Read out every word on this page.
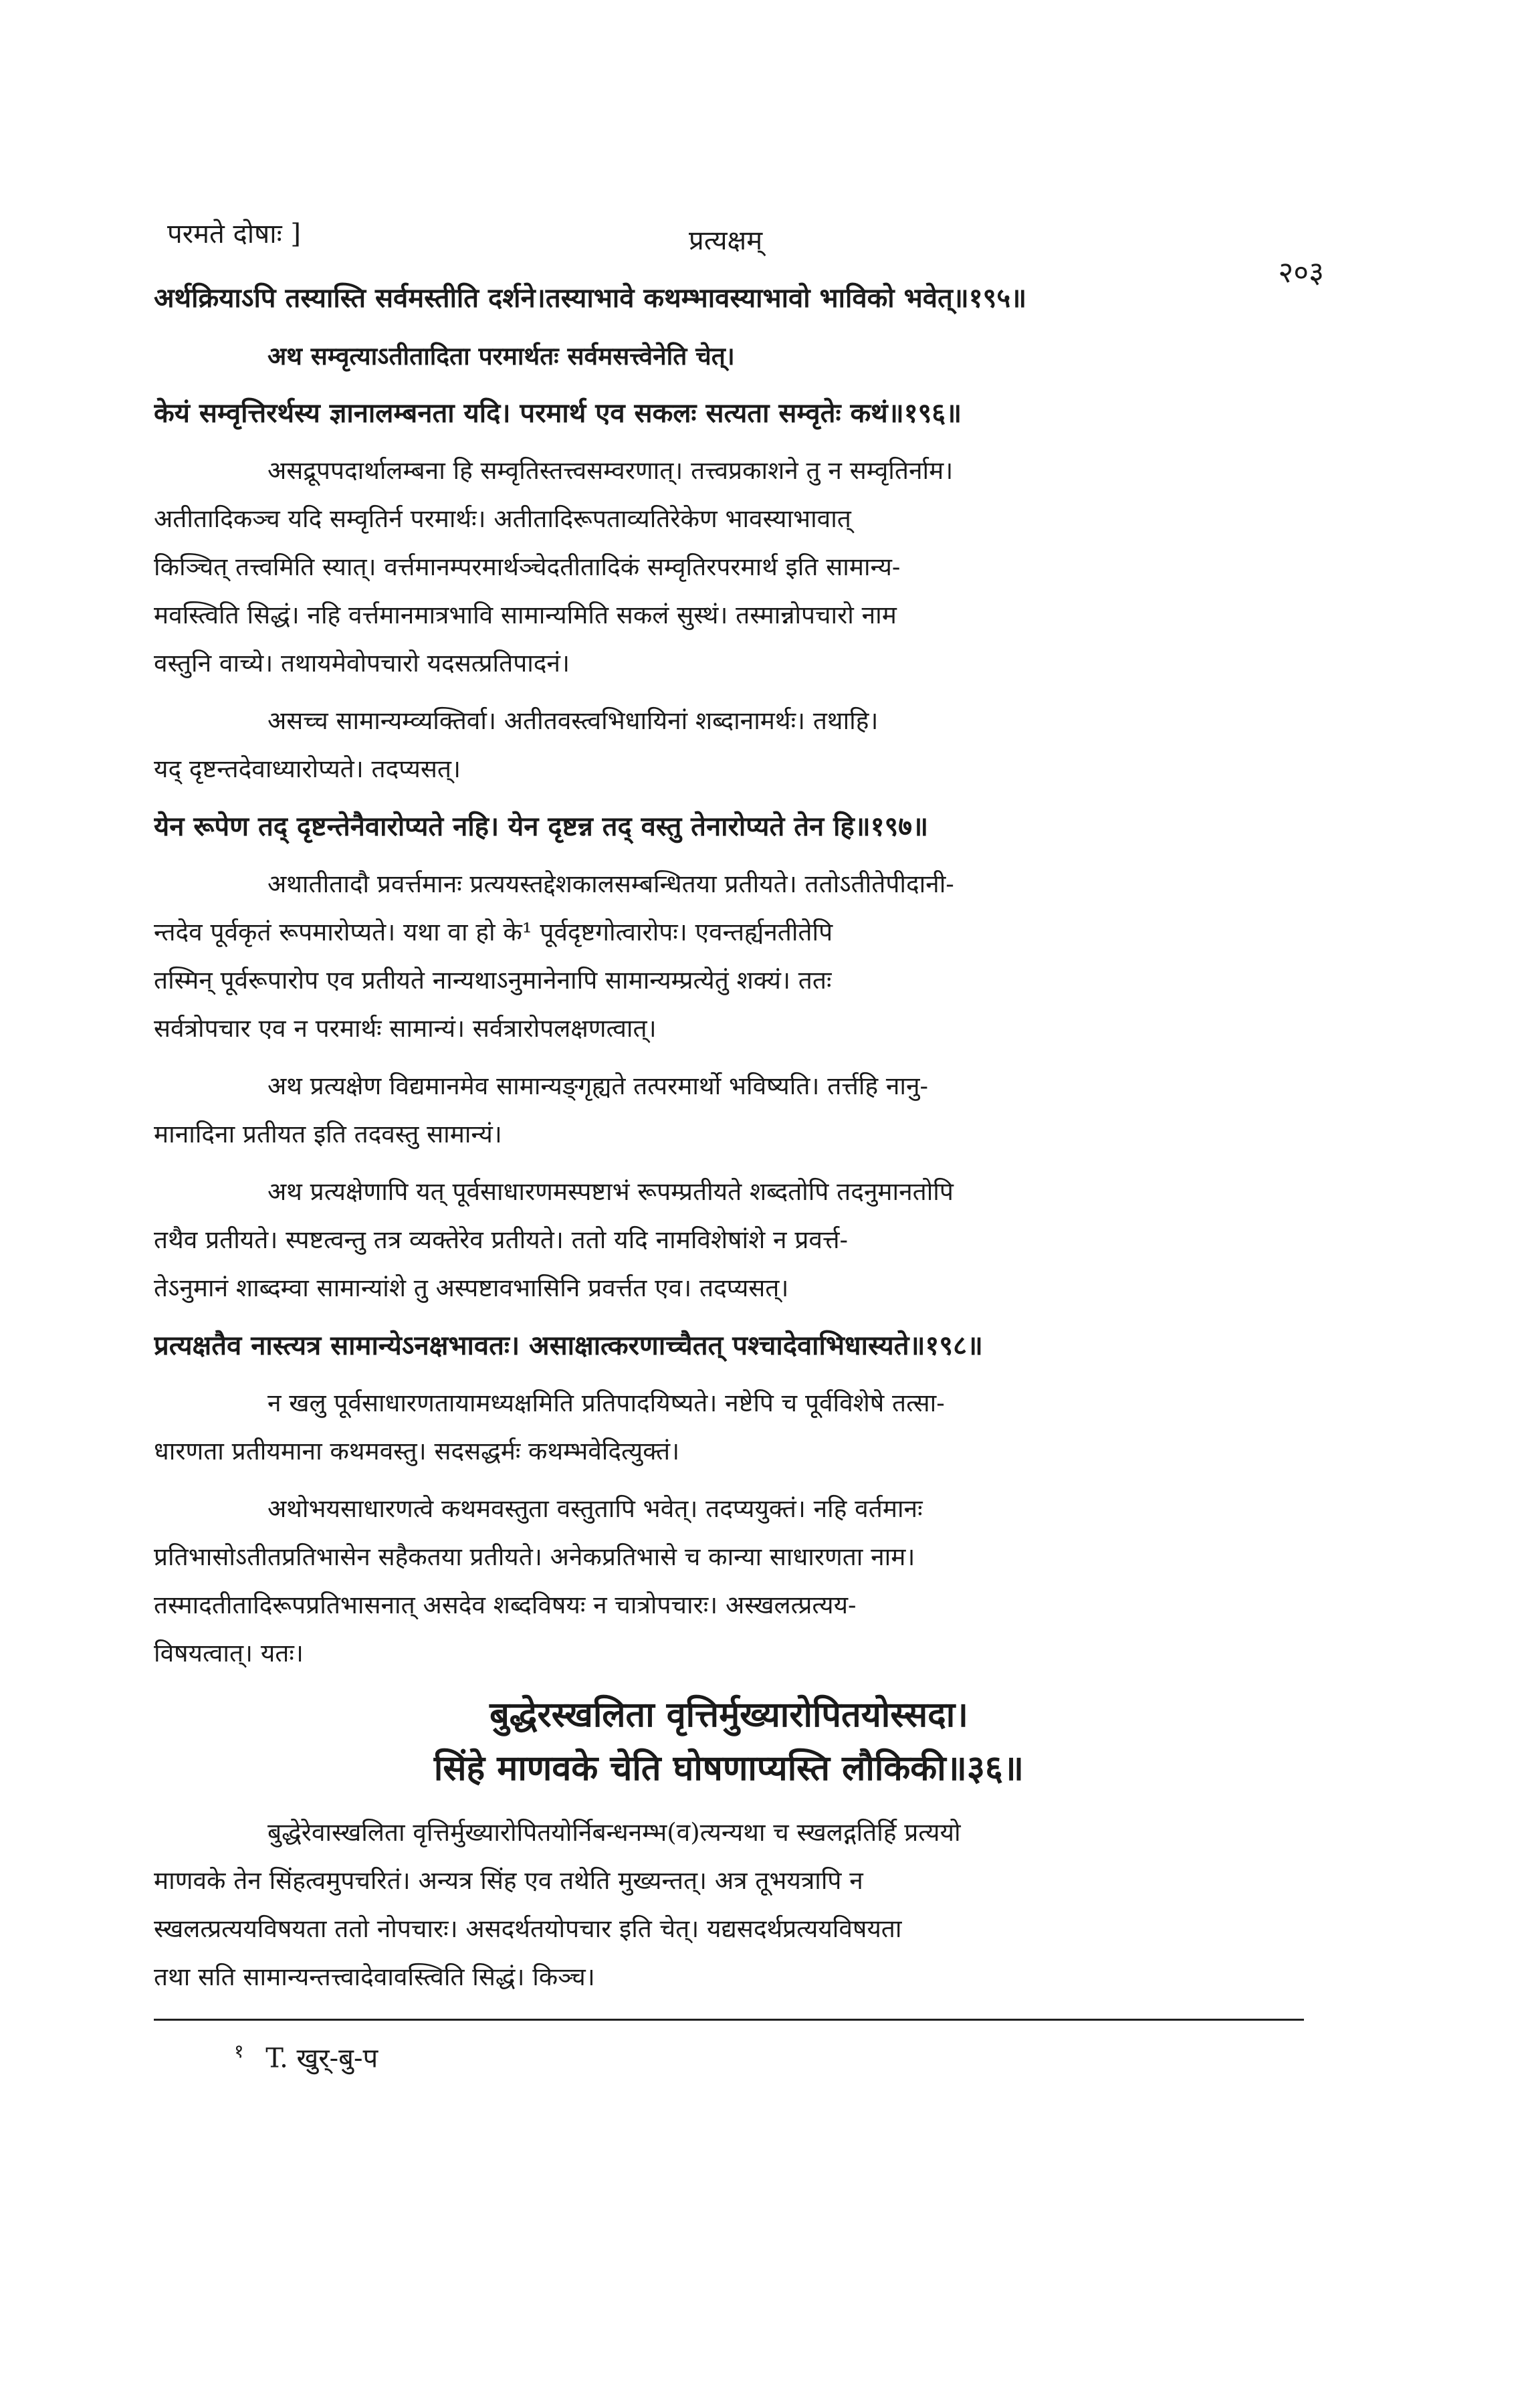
परमते दोषाः ]	प्रत्यक्षम्
२०३
अर्थक्रियाऽपि तस्यास्ति सर्वमस्तीति दर्शने।तस्याभावे कथम्भावस्याभावो भाविको भवेत्॥१९५॥
अथ सम्वृत्याऽतीतादिता परमार्थतः सर्वमसत्त्वेनेति चेत्।
केयं सम्वृत्तिरर्थस्य ज्ञानालम्बनता यदि। परमार्थ एव सकलः सत्यता सम्वृतेः कथं॥१९६॥
असद्रूपपदार्थालम्बना हि सम्वृतिस्तत्त्वसम्वरणात्। तत्त्वप्रकाशने तु न सम्वृतिर्नाम।
अतीतादिकञ्च यदि सम्वृतिर्न परमार्थः। अतीतादिरूपताव्यतिरेकेण भावस्याभावात्
किञ्चित् तत्त्वमिति स्यात्। वर्त्तमानम्परमार्थञ्चेदतीतादिकं सम्वृतिरपरमार्थ इति सामान्य-
मवस्त्विति सिद्धं। नहि वर्त्तमानमात्रभावि सामान्यमिति सकलं सुस्थं। तस्मान्नोपचारो नाम
वस्तुनि वाच्ये। तथायमेवोपचारो यदसत्प्रतिपादनं।
असच्च सामान्यम्व्यक्तिर्वा। अतीतवस्त्वभिधायिनां शब्दानामर्थः। तथाहि।
यद् दृष्टन्तदेवाध्यारोप्यते। तदप्यसत्।
येन रूपेण तद् दृष्टन्तेनैवारोप्यते नहि। येन दृष्टन्न तद् वस्तु तेनारोप्यते तेन हि॥१९७॥
अथातीतादौ प्रवर्त्तमानः प्रत्ययस्तद्देशकालसम्बन्धितया प्रतीयते। ततोऽतीतेपीदानी-
न्तदेव पूर्वकृतं रूपमारोप्यते। यथा वा हो के¹ पूर्वदृष्टगोत्वारोपः। एवन्तर्ह्यनतीतेपि
तस्मिन् पूर्वरूपारोप एव प्रतीयते नान्यथाऽनुमानेनापि सामान्यम्प्रत्येतुं शक्यं। ततः
सर्वत्रोपचार एव न परमार्थः सामान्यं। सर्वत्रारोपलक्षणत्वात्।
अथ प्रत्यक्षेण विद्यमानमेव सामान्यङ्गृह्यते तत्परमार्थो भविष्यति। तर्त्तहि नानु-
मानादिना प्रतीयत इति तदवस्तु सामान्यं।
अथ प्रत्यक्षेणापि यत् पूर्वसाधारणमस्पष्टाभं रूपम्प्रतीयते शब्दतोपि तदनुमानतोपि
तथैव प्रतीयते। स्पष्टत्वन्तु तत्र व्यक्तेरेव प्रतीयते। ततो यदि नामविशेषांशे न प्रवर्त्त-
तेऽनुमानं शाब्दम्वा सामान्यांशे तु अस्पष्टावभासिनि प्रवर्त्तत एव। तदप्यसत्।
प्रत्यक्षतैव नास्त्यत्र सामान्येऽनक्षभावतः। असाक्षात्करणाच्चैतत् पश्चादेवाभिधास्यते॥१९८॥
न खलु पूर्वसाधारणतायामध्यक्षमिति प्रतिपादयिष्यते। नष्टेपि च पूर्वविशेषे तत्सा-
धारणता प्रतीयमाना कथमवस्तु। सदसद्धर्मः कथम्भवेदित्युक्तं।
अथोभयसाधारणत्वे कथमवस्तुता वस्तुतापि भवेत्। तदप्ययुक्तं। नहि वर्तमानः
प्रतिभासोऽतीतप्रतिभासेन सहैकतया प्रतीयते। अनेकप्रतिभासे च कान्या साधारणता नाम।
तस्मादतीतादिरूपप्रतिभासनात् असदेव शब्दविषयः न चात्रोपचारः। अस्खलत्प्रत्यय-
विषयत्वात्। यतः।
बुद्धेरस्खलिता वृत्तिर्मुख्यारोपितयोस्सदा।
सिंहे माणवके चेति घोषणाप्यस्ति लौकिकी॥३६॥
बुद्धेरेवास्खलिता वृत्तिर्मुख्यारोपितयोर्निबन्धनम्भ(व)त्यन्यथा च स्खलद्गतिर्हि प्रत्ययो
माणवके तेन सिंहत्वमुपचरितं। अन्यत्र सिंह एव तथेति मुख्यन्तत्। अत्र तूभयत्रापि न
स्खलत्प्रत्ययविषयता ततो नोपचारः। असदर्थतयोपचार इति चेत्। यद्यसदर्थप्रत्ययविषयता
तथा सति सामान्यन्तत्त्वादेवावस्त्विति सिद्धं। किञ्च।
$^१$ T. खुर्-बु-प
